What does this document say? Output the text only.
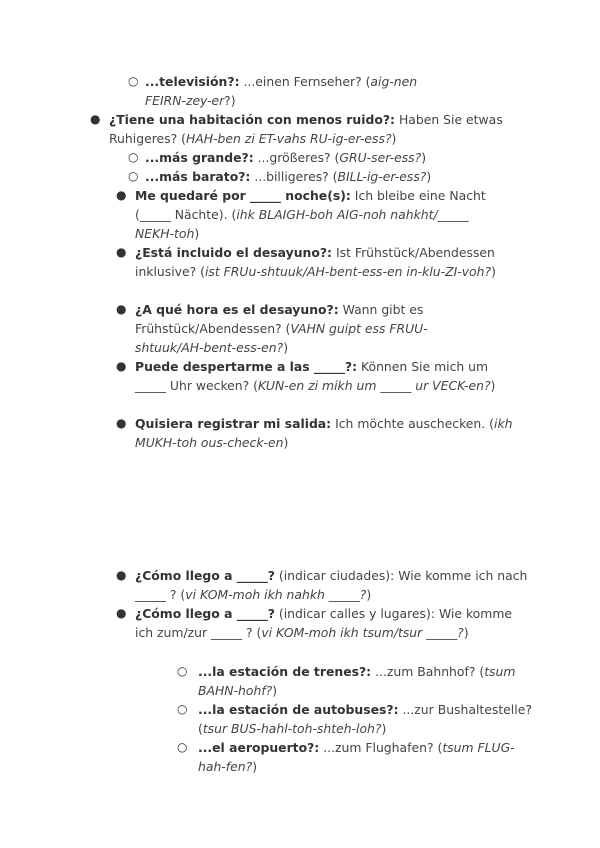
○ ...televisión?: ...einen Fernseher? (aig-nen FEIRN-zey-er?)
● ¿Tiene una habitación con menos ruido?: Haben Sie etwas Ruhigeres? (HAH-ben zi ET-vahs RU-ig-er-ess?)
○ ...más grande?: ...größeres? (GRU-ser-ess?)
○ ...más barato?: ...billigeres? (BILL-ig-er-ess?)
● Me quedaré por _____ noche(s): Ich bleibe eine Nacht (_____ Nächte). (ihk BLAIGH-boh AIG-noh nahkht/_____ NEKH-toh)
● ¿Está incluido el desayuno?: Ist Frühstück/Abendessen inklusive? (ist FRUu-shtuuk/AH-bent-ess-en in-klu-ZI-voh?)
● ¿A qué hora es el desayuno?: Wann gibt es Frühstück/Abendessen? (VAHN guipt ess FRUU-shtuuk/AH-bent-ess-en?)
● Puede despertarme a las _____?: Können Sie mich um _____ Uhr wecken? (KUN-en zi mikh um _____ ur VECK-en?)
● Quisiera registrar mi salida: Ich möchte auschecken. (ikh MUKH-toh ous-check-en)
● ¿Cómo llego a _____? (indicar ciudades): Wie komme ich nach _____ ? (vi KOM-moh ikh nahkh _____?)
● ¿Cómo llego a _____? (indicar calles y lugares): Wie komme ich zum/zur _____ ? (vi KOM-moh ikh tsum/tsur _____?)
○ ...la estación de trenes?: ...zum Bahnhof? (tsum BAHN-hohf?)
○ ...la estación de autobuses?: ...zur Bushaltestelle? (tsur BUS-hahl-toh-shteh-loh?)
○ ...el aeropuerto?: ...zum Flughafen? (tsum FLUG-hah-fen?)
